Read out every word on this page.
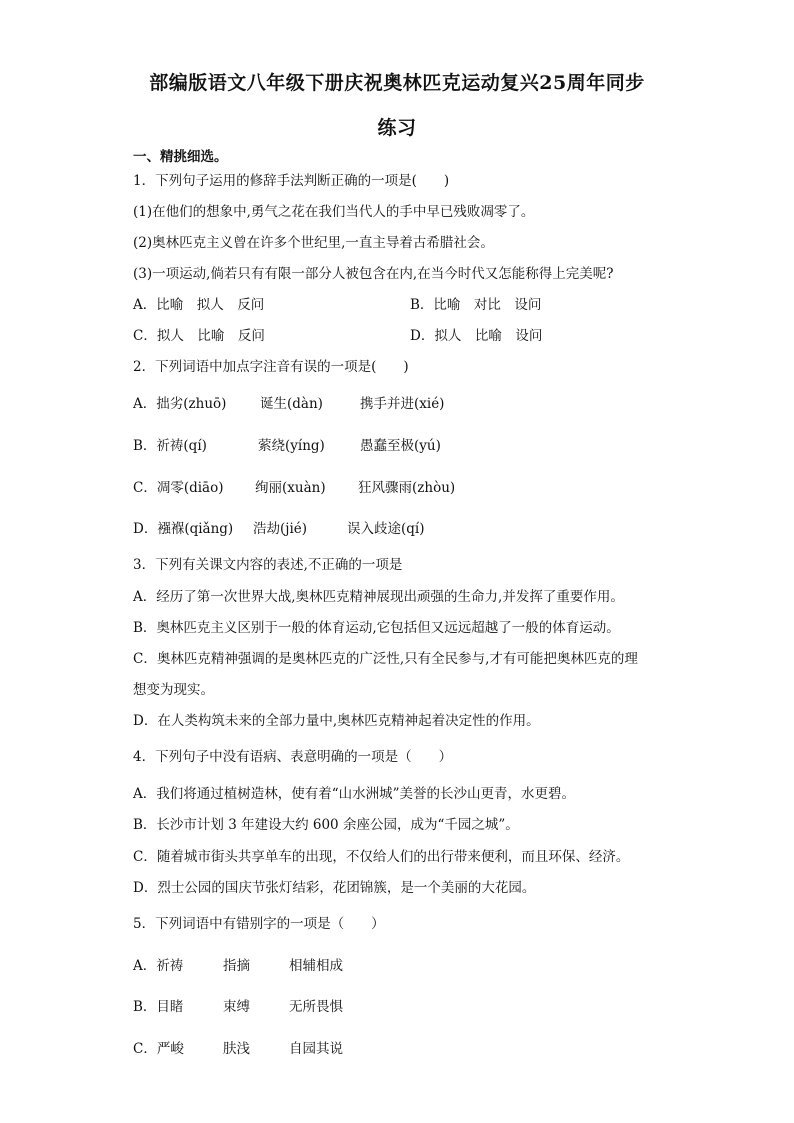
部编版语文八年级下册庆祝奥林匹克运动复兴25周年同步
练习
一、精挑细选。
1．下列句子运用的修辞手法判断正确的一项是(　　)
(1)在他们的想象中,勇气之花在我们当代人的手中早已残败凋零了。
(2)奥林匹克主义曾在许多个世纪里,一直主导着古希腊社会。
(3)一项运动,倘若只有有限一部分人被包含在内,在当今时代又怎能称得上完美呢?
A．比喻　拟人　反问	B．比喻　对比　设问
C．拟人　比喻　反问	D．拟人　比喻　设问
2．下列词语中加点字注音有误的一项是(　　)
A．拙劣(zhuō) 诞生(dàn)	携手并进(xié)
B．祈祷(qí)	萦绕(yíng)	愚蠢至极(yú)
C．凋零(diāo) 绚丽(xuàn) 狂风骤雨(zhòu)
D．襁褓(qiǎng) 浩劫(jié)	误入歧途(qí)
3．下列有关课文内容的表述,不正确的一项是
A．经历了第一次世界大战,奥林匹克精神展现出顽强的生命力,并发挥了重要作用。
B．奥林匹克主义区别于一般的体育运动,它包括但又远远超越了一般的体育运动。
C．奥林匹克精神强调的是奥林匹克的广泛性,只有全民参与,才有可能把奥林匹克的理
想变为现实。
D．在人类构筑未来的全部力量中,奥林匹克精神起着决定性的作用。
4．下列句子中没有语病、表意明确的一项是（　　）
A．我们将通过植树造林，使有着“山水洲城”美誉的长沙山更青，水更碧。
B．长沙市计划 3 年建设大约 600 余座公园，成为“千园之城”。
C．随着城市街头共享单车的出现，不仅给人们的出行带来便利，而且环保、经济。
D．烈士公园的国庆节张灯结彩，花团锦簇，是一个美丽的大花园。
5．下列词语中有错别字的一项是（　　）
A．祈祷	指摘	相辅相成
B．目睹	束缚	无所畏惧
C．严峻	肤浅	自园其说
